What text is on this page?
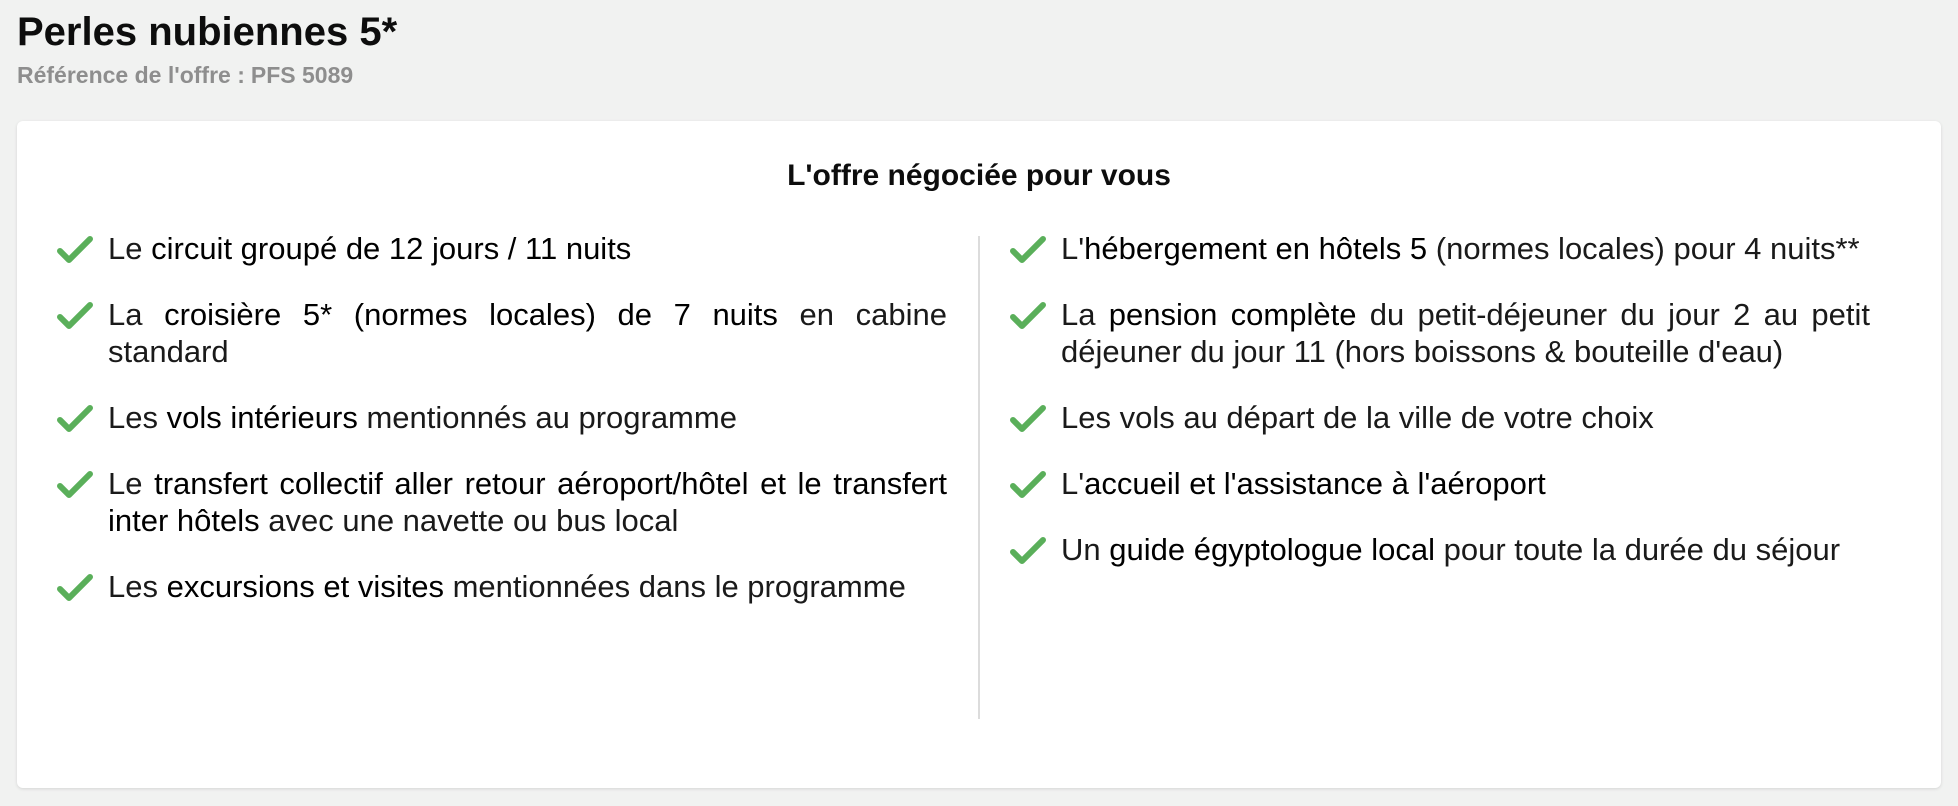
Perles nubiennes 5*

Référence de l'offre : PFS 5089

L'offre négociée pour vous
Le circuit groupé de 12 jours / 11 nuits
La croisière 5* (normes locales) de 7 nuits en cabine standard
Les vols intérieurs mentionnés au programme
Le transfert collectif aller retour aéroport/hôtel et le transfert inter hôtels avec une navette ou bus local
Les excursions et visites mentionnées dans le programme
L'hébergement en hôtels 5 (normes locales) pour 4 nuits**
La pension complète du petit-déjeuner du jour 2 au petit déjeuner du jour 11 (hors boissons & bouteille d'eau)
Les vols au départ de la ville de votre choix
L'accueil et l'assistance à l'aéroport
Un guide égyptologue local pour toute la durée du séjour
